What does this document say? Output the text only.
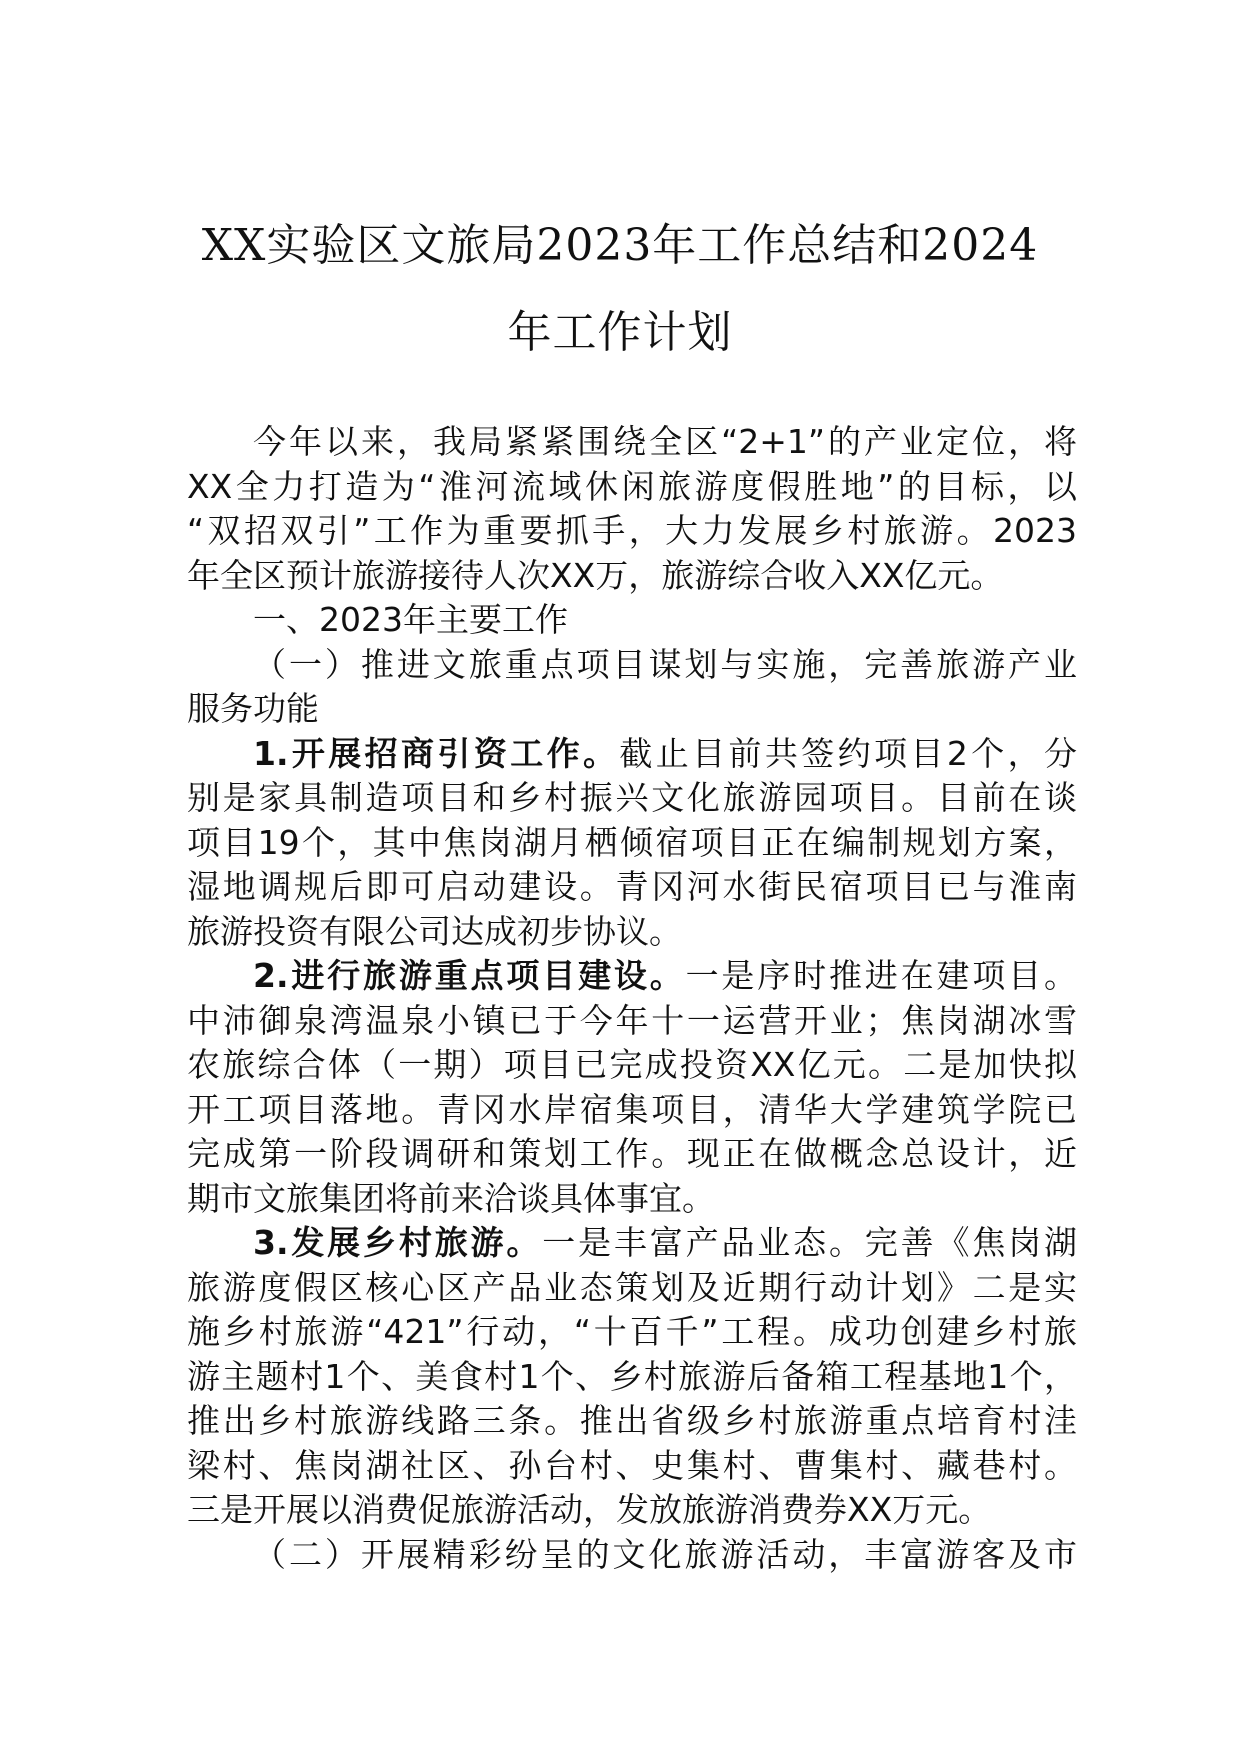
XX实验区文旅局2023年工作总结和2024
年工作计划
今年以来，我局紧紧围绕全区“2+1”的产业定位，将
XX全力打造为“淮河流域休闲旅游度假胜地”的目标，以
“双招双引”工作为重要抓手，大力发展乡村旅游。2023
年全区预计旅游接待人次XX万，旅游综合收入XX亿元。
一、2023年主要工作
（一）推进文旅重点项目谋划与实施，完善旅游产业
服务功能
1.开展招商引资工作。截止目前共签约项目2个，分
别是家具制造项目和乡村振兴文化旅游园项目。目前在谈
项目19个，其中焦岗湖月栖倾宿项目正在编制规划方案，
湿地调规后即可启动建设。青冈河水街民宿项目已与淮南
旅游投资有限公司达成初步协议。
2.进行旅游重点项目建设。一是序时推进在建项目。
中沛御泉湾温泉小镇已于今年十一运营开业；焦岗湖冰雪
农旅综合体（一期）项目已完成投资XX亿元。二是加快拟
开工项目落地。青冈水岸宿集项目，清华大学建筑学院已
完成第一阶段调研和策划工作。现正在做概念总设计，近
期市文旅集团将前来洽谈具体事宜。
3.发展乡村旅游。一是丰富产品业态。完善《焦岗湖
旅游度假区核心区产品业态策划及近期行动计划》二是实
施乡村旅游“421”行动，“十百千”工程。成功创建乡村旅
游主题村1个、美食村1个、乡村旅游后备箱工程基地1个，
推出乡村旅游线路三条。推出省级乡村旅游重点培育村洼
梁村、焦岗湖社区、孙台村、史集村、曹集村、藏巷村。
三是开展以消费促旅游活动，发放旅游消费券XX万元。
（二）开展精彩纷呈的文化旅游活动，丰富游客及市
